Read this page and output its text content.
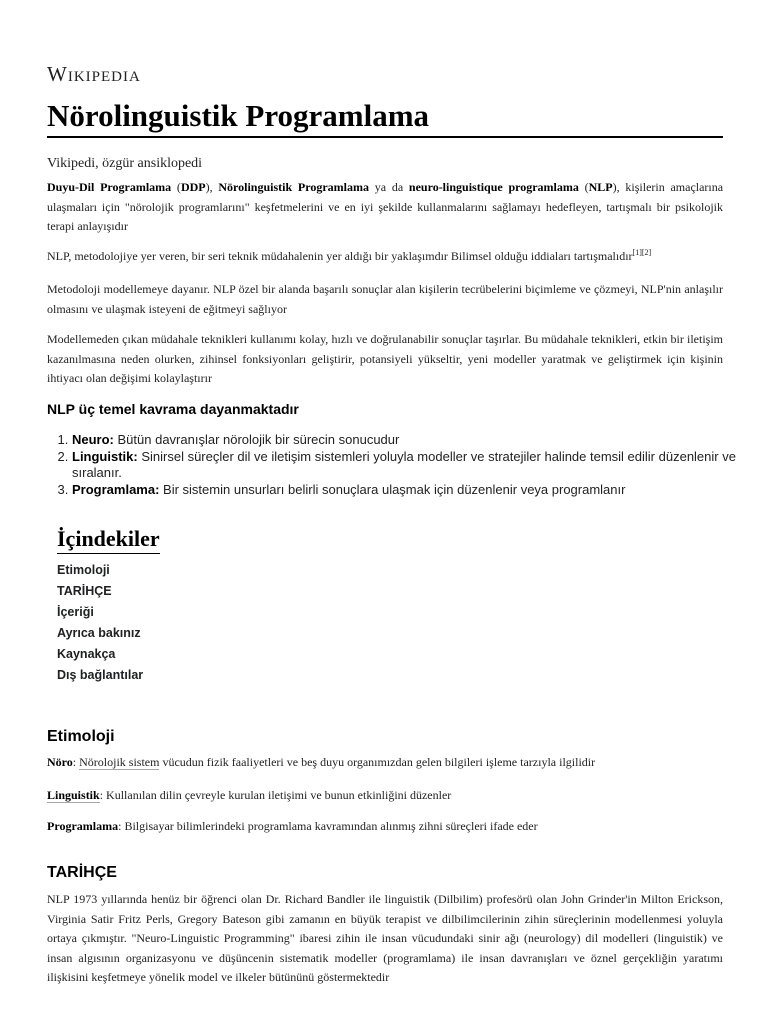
Wikipedia
Nörolinguistik Programlama
Vikipedi, özgür ansiklopedi

Duyu-Dil Programlama (DDP), Nörolinguistik Programlama ya da neuro-linguistique programlama (NLP), kişilerin amaçlarına ulaşmaları için "nörolojik programlarını" keşfetmelerini ve en iyi şekilde kullanmalarını sağlamayı hedefleyen, tartışmalı bir psikolojik terapi anlayışıdır

NLP, metodolojiye yer veren, bir seri teknik müdahalenin yer aldığı bir yaklaşımdır Bilimsel olduğu iddiaları tartışmalıdır[1][2]

Metodoloji modellemeye dayanır. NLP özel bir alanda başarılı sonuçlar alan kişilerin tecrübelerini biçimleme ve çözmeyi, NLP'nin anlaşılır olmasını ve ulaşmak isteyeni de eğitmeyi sağlıyor

Modellemeden çıkan müdahale teknikleri kullanımı kolay, hızlı ve doğrulanabilir sonuçlar taşırlar. Bu müdahale teknikleri, etkin bir iletişim kazanılmasına neden olurken, zihinsel fonksiyonları geliştirir, potansiyeli yükseltir, yeni modeller yaratmak ve geliştirmek için kişinin ihtiyacı olan değişimi kolaylaştırır

NLP üç temel kavrama dayanmaktadır
1. Neuro: Bütün davranışlar nörolojik bir sürecin sonucudur
2. Linguistik: Sinirsel süreçler dil ve iletişim sistemleri yoluyla modeller ve stratejiler halinde temsil edilir düzenlenir ve sıralanır.
3. Programlama: Bir sistemin unsurları belirli sonuçlara ulaşmak için düzenlenir veya programlanır
İçindekiler
Etimoloji
TARİHÇE
İçeriği
Ayrıca bakınız
Kaynakça
Dış bağlantılar
Etimoloji

Nöro: Nörolojik sistem vücudun fizik faaliyetleri ve beş duyu organımızdan gelen bilgileri işleme tarzıyla ilgilidir

Linguistik: Kullanılan dilin çevreyle kurulan iletişimi ve bunun etkinliğini düzenler

Programlama: Bilgisayar bilimlerindeki programlama kavramından alınmış zihni süreçleri ifade eder

TARİHÇE

NLP 1973 yıllarında henüz bir öğrenci olan Dr. Richard Bandler ile linguistik (Dilbilim) profesörü olan John Grinder'in Milton Erickson, Virginia Satir Fritz Perls, Gregory Bateson gibi zamanın en büyük terapist ve dilbilimcilerinin zihin süreçlerinin modellenmesi yoluyla ortaya çıkmıştır. "Neuro-Linguistic Programming" ibaresi zihin ile insan vücudundaki sinir ağı (neurology) dil modelleri (linguistik) ve insan algısının organizasyonu ve düşüncenin sistematik modeller (programlama) ile insan davranışları ve öznel gerçekliğin yaratımı ilişkisini keşfetmeye yönelik model ve ilkeler bütününü göstermektedir
